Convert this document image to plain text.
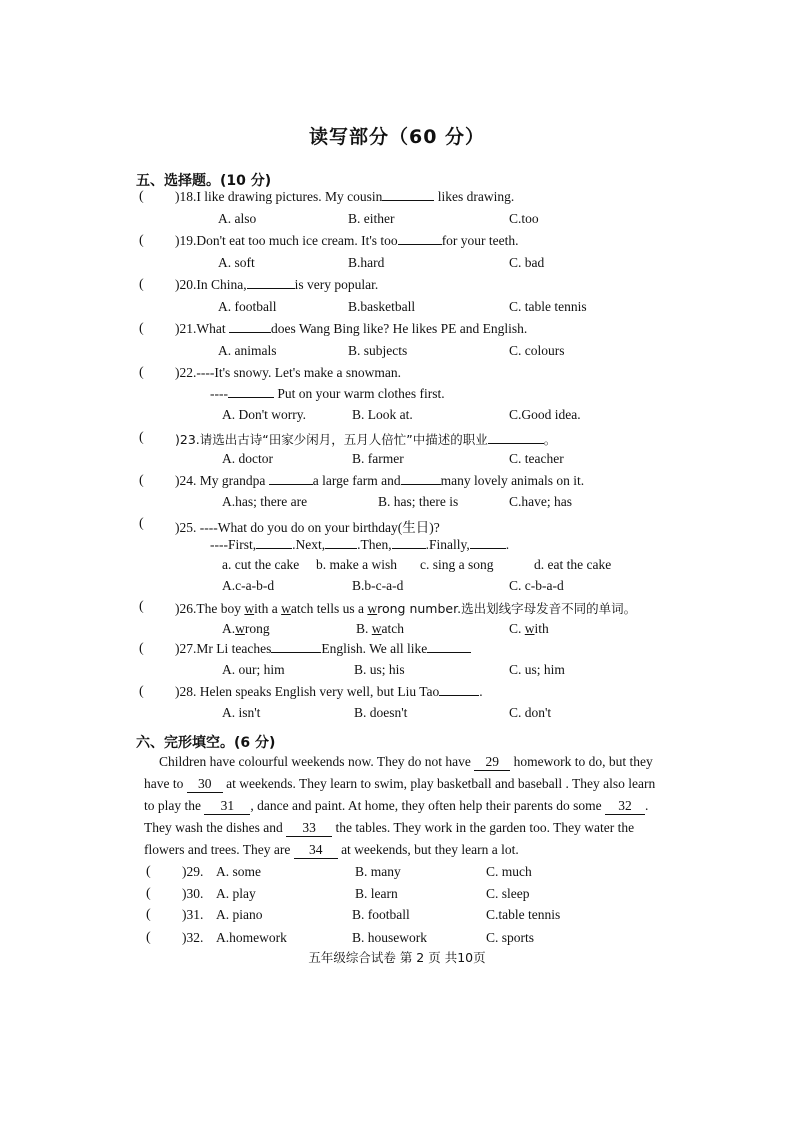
读写部分（60 分）
五、选择题。(10 分)
( )18.I like drawing pictures. My cousin	likes drawing.
A. also	B. either	C.too
( )19.Don't eat too much ice cream. It's too	for your teeth.
A. soft	B.hard	C. bad
( )20.In China,	is very popular.
A. football	B.basketball	C. table tennis
( )21.What	does Wang Bing like? He likes PE and English.
A. animals	B. subjects	C. colours
( )22.----It's snowy. Let's make a snowman.
----	Put on your warm clothes first.
A. Don't worry.	B. Look at.	C.Good idea.
(	)23.请选出古诗“田家少闲月，五月人倍忙”中描述的职业	。
A. doctor	B. farmer	C. teacher
( )24. My grandpa	a large farm and	many lovely animals on it.
A.has; there are	B. has; there is	C.have; has
( )25. ----What do you do on your birthday(生日)?
----First,	.Next, .Then,	.Finally,	.
a. cut the cake b. make a wish c. sing a song	d. eat the cake
A.c-a-b-d	B.b-c-a-d	C. c-b-a-d
( )26.The boy with a watch tells us a wrong number.选出划线字母发音不同的单词。
A.wrong	B. watch	C. with
( )27.Mr Li teaches	English. We all like
A. our; him	B. us; his	C. us; him
( )28. Helen speaks English very well, but Liu Tao	.
A. isn't	B. doesn't	C. don't
六、完形填空。(6 分)
Children have colourful weekends now. They do not have 29 homework to do, but they
have to 30 at weekends. They learn to swim, play basketball and baseball . They also learn
to play the 31 , dance and paint. At home, they often help their parents do some 32 .
They wash the dishes and 33 the tables. They work in the garden too. They water the
flowers and trees. They are 34 at weekends, but they learn a lot.
( )29. A. some	B. many	C. much
( )30. A. play	B. learn	C. sleep
( )31. A. piano	B. football	C.table tennis
( )32. A.homework	B. housework	C. sports
五年级综合试卷 第 2 页 共10页
